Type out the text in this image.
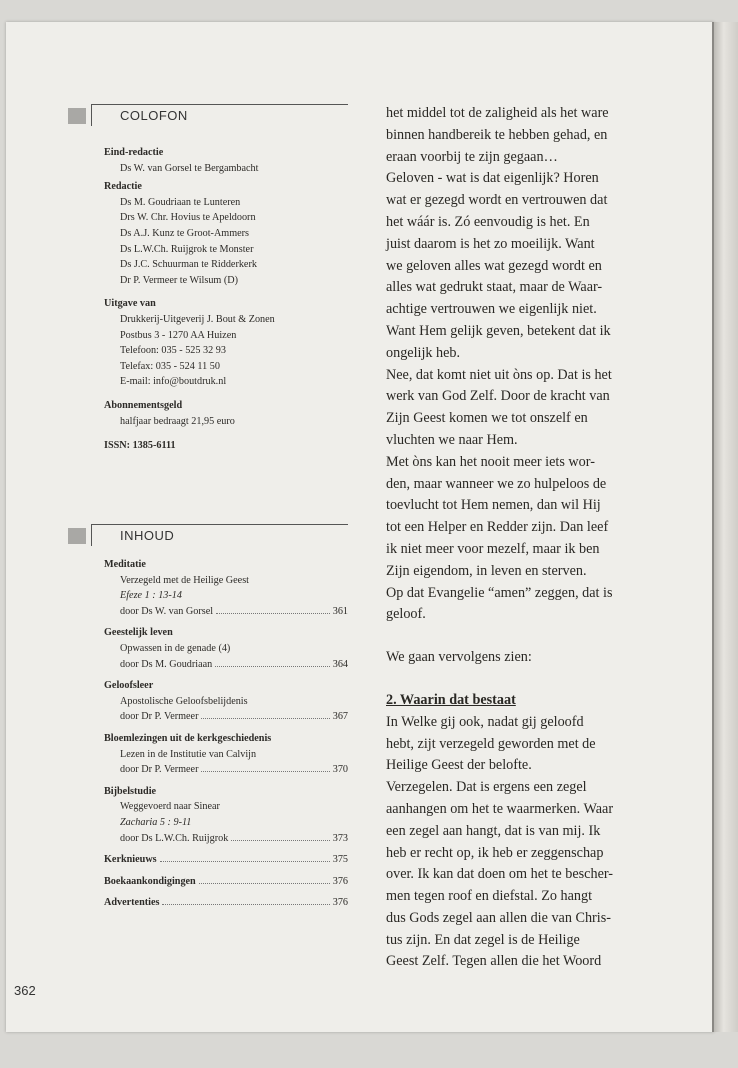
COLOFON
Eind-redactie
Ds W. van Gorsel te Bergambacht
Redactie
Ds M. Goudriaan te Lunteren
Drs W. Chr. Hovius te Apeldoorn
Ds A.J. Kunz te Groot-Ammers
Ds L.W.Ch. Ruijgrok te Monster
Ds J.C. Schuurman te Ridderkerk
Dr P. Vermeer te Wilsum (D)
Uitgave van
Drukkerij-Uitgeverij J. Bout & Zonen
Postbus 3 - 1270 AA Huizen
Telefoon: 035 - 525 32 93
Telefax: 035 - 524 11 50
E-mail: info@boutdruk.nl
Abonnementsgeld
halfjaar bedraagt 21,95 euro
ISSN: 1385-6111
INHOUD
Meditatie
Verzegeld met de Heilige Geest
Efeze 1 : 13-14
door Ds W. van Gorsel	361
Geestelijk leven
Opwassen in de genade (4)
door Ds M. Goudriaan	364
Geloofsleer
Apostolische Geloofsbelijdenis
door Dr P. Vermeer	367
Bloemlezingen uit de kerkgeschiedenis
Lezen in de Institutie van Calvijn
door Dr P. Vermeer	370
Bijbelstudie
Weggevoerd naar Sinear
Zacharia 5 : 9-11
door Ds L.W.Ch. Ruijgrok	373
Kerknieuws	375
Boekaankondigingen	376
Advertenties	376

het middel tot de zaligheid als het ware

binnen handbereik te hebben gehad, en

eraan voorbij te zijn gegaan…

Geloven - wat is dat eigenlijk? Horen

wat er gezegd wordt en vertrouwen dat

het wáár is. Zó eenvoudig is het. En

juist daarom is het zo moeilijk. Want

we geloven alles wat gezegd wordt en

alles wat gedrukt staat, maar de Waar-

achtige vertrouwen we eigenlijk niet.

Want Hem gelijk geven, betekent dat ik

ongelijk heb.

Nee, dat komt niet uit òns op. Dat is het

werk van God Zelf. Door de kracht van

Zijn Geest komen we tot onszelf en

vluchten we naar Hem.

Met òns kan het nooit meer iets wor-

den, maar wanneer we zo hulpeloos de

toevlucht tot Hem nemen, dan wil Hij

tot een Helper en Redder zijn. Dan leef

ik niet meer voor mezelf, maar ik ben

Zijn eigendom, in leven en sterven.

Op dat Evangelie “amen” zeggen, dat is

geloof.

We gaan vervolgens zien:

2. Waarin dat bestaat

In Welke gij ook, nadat gij geloofd

hebt, zijt verzegeld geworden met de

Heilige Geest der belofte.

Verzegelen. Dat is ergens een zegel

aanhangen om het te waarmerken. Waar

een zegel aan hangt, dat is van mij. Ik

heb er recht op, ik heb er zeggenschap

over. Ik kan dat doen om het te bescher-

men tegen roof en diefstal. Zo hangt

dus Gods zegel aan allen die van Chris-

tus zijn. En dat zegel is de Heilige

Geest Zelf. Tegen allen die het Woord

362
